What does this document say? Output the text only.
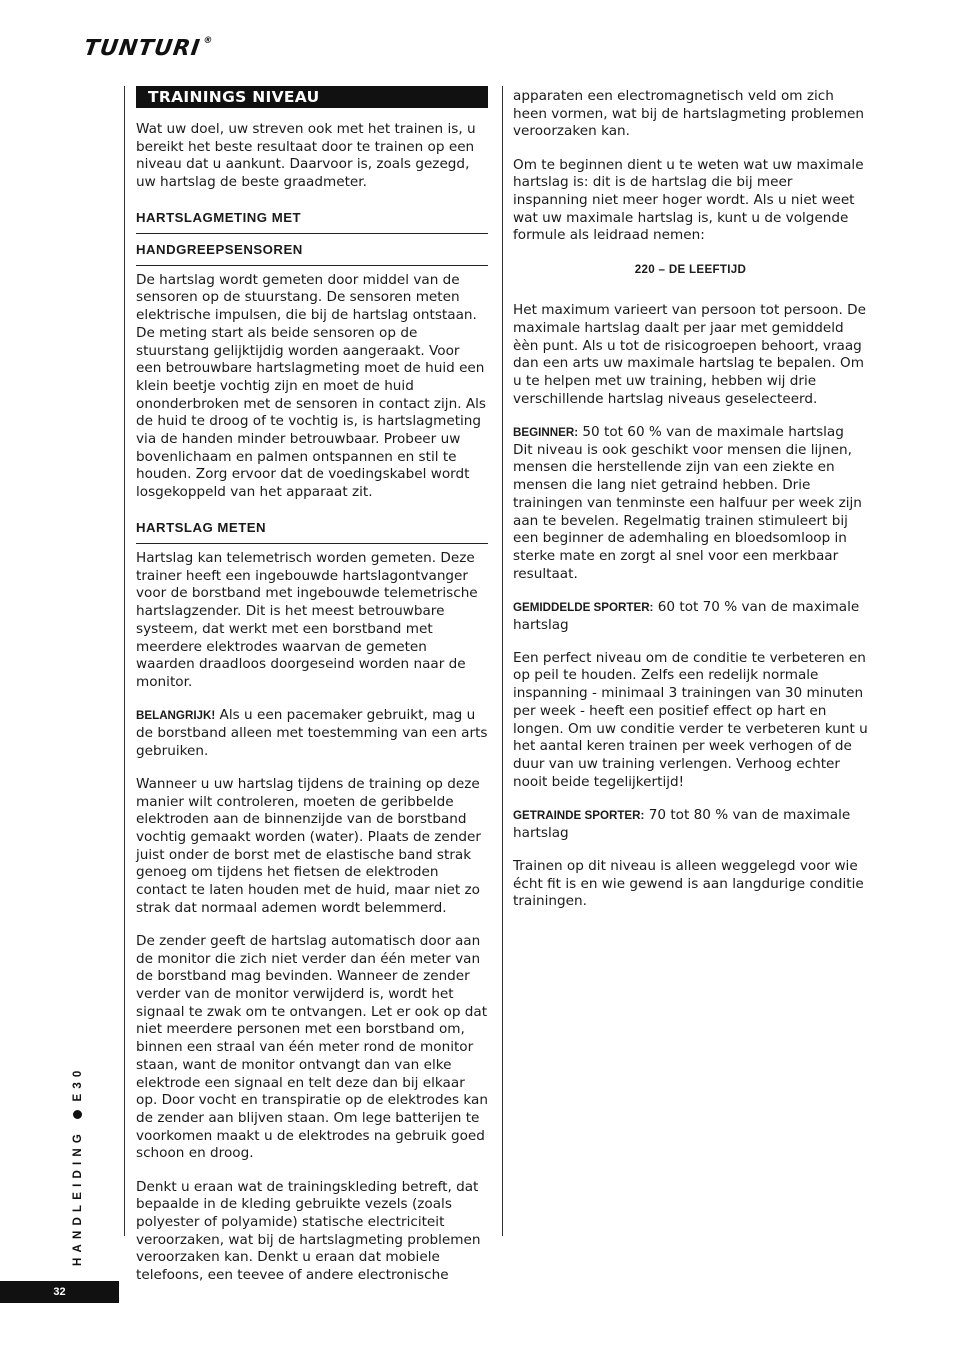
TUNTURI®
TRAININGS NIVEAU

Wat uw doel, uw streven ook met het trainen is, u bereikt het beste resultaat door te trainen op een niveau dat u aankunt. Daarvoor is, zoals gezegd, uw hartslag de beste graadmeter.

HARTSLAGMETING MET
HANDGREEPSENSOREN

De hartslag wordt gemeten door middel van de sensoren op de stuurstang. De sensoren meten elektrische impulsen, die bij de hartslag ontstaan. De meting start als beide sensoren op de stuurstang gelijktijdig worden aangeraakt. Voor een betrouwbare hartslagmeting moet de huid een klein beetje vochtig zijn en moet de huid ononderbroken met de sensoren in contact zijn. Als de huid te droog of te vochtig is, is hartslagmeting via de handen minder betrouwbaar. Probeer uw bovenlichaam en palmen ontspannen en stil te houden. Zorg ervoor dat de voedingskabel wordt losgekoppeld van het apparaat zit.

HARTSLAG METEN

Hartslag kan telemetrisch worden gemeten. Deze trainer heeft een ingebouwde hartslagontvanger voor de borstband met ingebouwde telemetrische hartslagzender. Dit is het meest betrouwbare systeem, dat werkt met een borstband met meerdere elektrodes waarvan de gemeten waarden draadloos doorgeseind worden naar de monitor.

BELANGRIJK! Als u een pacemaker gebruikt, mag u de borstband alleen met toestemming van een arts gebruiken.

Wanneer u uw hartslag tijdens de training op deze manier wilt controleren, moeten de geribbelde elektroden aan de binnenzijde van de borstband vochtig gemaakt worden (water). Plaats de zender juist onder de borst met de elastische band strak genoeg om tijdens het fietsen de elektroden contact te laten houden met de huid, maar niet zo strak dat normaal ademen wordt belemmerd.

De zender geeft de hartslag automatisch door aan de monitor die zich niet verder dan één meter van de borstband mag bevinden. Wanneer de zender verder van de monitor verwijderd is, wordt het signaal te zwak om te ontvangen. Let er ook op dat niet meerdere personen met een borstband om, binnen een straal van één meter rond de monitor staan, want de monitor ontvangt dan van elke elektrode een signaal en telt deze dan bij elkaar op. Door vocht en transpiratie op de elektrodes kan de zender aan blijven staan. Om lege batterijen te voorkomen maakt u de elektrodes na gebruik goed schoon en droog.

Denkt u eraan wat de trainingskleding betreft, dat bepaalde in de kleding gebruikte vezels (zoals polyester of polyamide) statische electriciteit veroorzaken, wat bij de hartslagmeting problemen veroorzaken kan. Denkt u eraan dat mobiele telefoons, een teevee of andere electronische

apparaten een electromagnetisch veld om zich heen vormen, wat bij de hartslagmeting problemen veroorzaken kan.

Om te beginnen dient u te weten wat uw maximale hartslag is: dit is de hartslag die bij meer inspanning niet meer hoger wordt. Als u niet weet wat uw maximale hartslag is, kunt u de volgende formule als leidraad nemen:

220 – DE LEEFTIJD

Het maximum varieert van persoon tot persoon. De maximale hartslag daalt per jaar met gemiddeld èèn punt. Als u tot de risicogroepen behoort, vraag dan een arts uw maximale hartslag te bepalen. Om u te helpen met uw training, hebben wij drie verschillende hartslag niveaus geselecteerd.

BEGINNER: 50 tot 60 % van de maximale hartslag
Dit niveau is ook geschikt voor mensen die lijnen, mensen die herstellende zijn van een ziekte en mensen die lang niet getraind hebben. Drie trainingen van tenminste een halfuur per week zijn aan te bevelen. Regelmatig trainen stimuleert bij een beginner de ademhaling en bloedsomloop in sterke mate en zorgt al snel voor een merkbaar resultaat.

GEMIDDELDE SPORTER: 60 tot 70 % van de maximale hartslag

Een perfect niveau om de conditie te verbeteren en op peil te houden. Zelfs een redelijk normale inspanning - minimaal 3 trainingen van 30 minuten per week - heeft een positief effect op hart en longen. Om uw conditie verder te verbeteren kunt u het aantal keren trainen per week verhogen of de duur van uw training verlengen. Verhoog echter nooit beide tegelijkertijd!

GETRAINDE SPORTER: 70 tot 80 % van de maximale hartslag

Trainen op dit niveau is alleen weggelegd voor wie écht fit is en wie gewend is aan langdurige conditie trainingen.

HANDLEIDING E30
32
